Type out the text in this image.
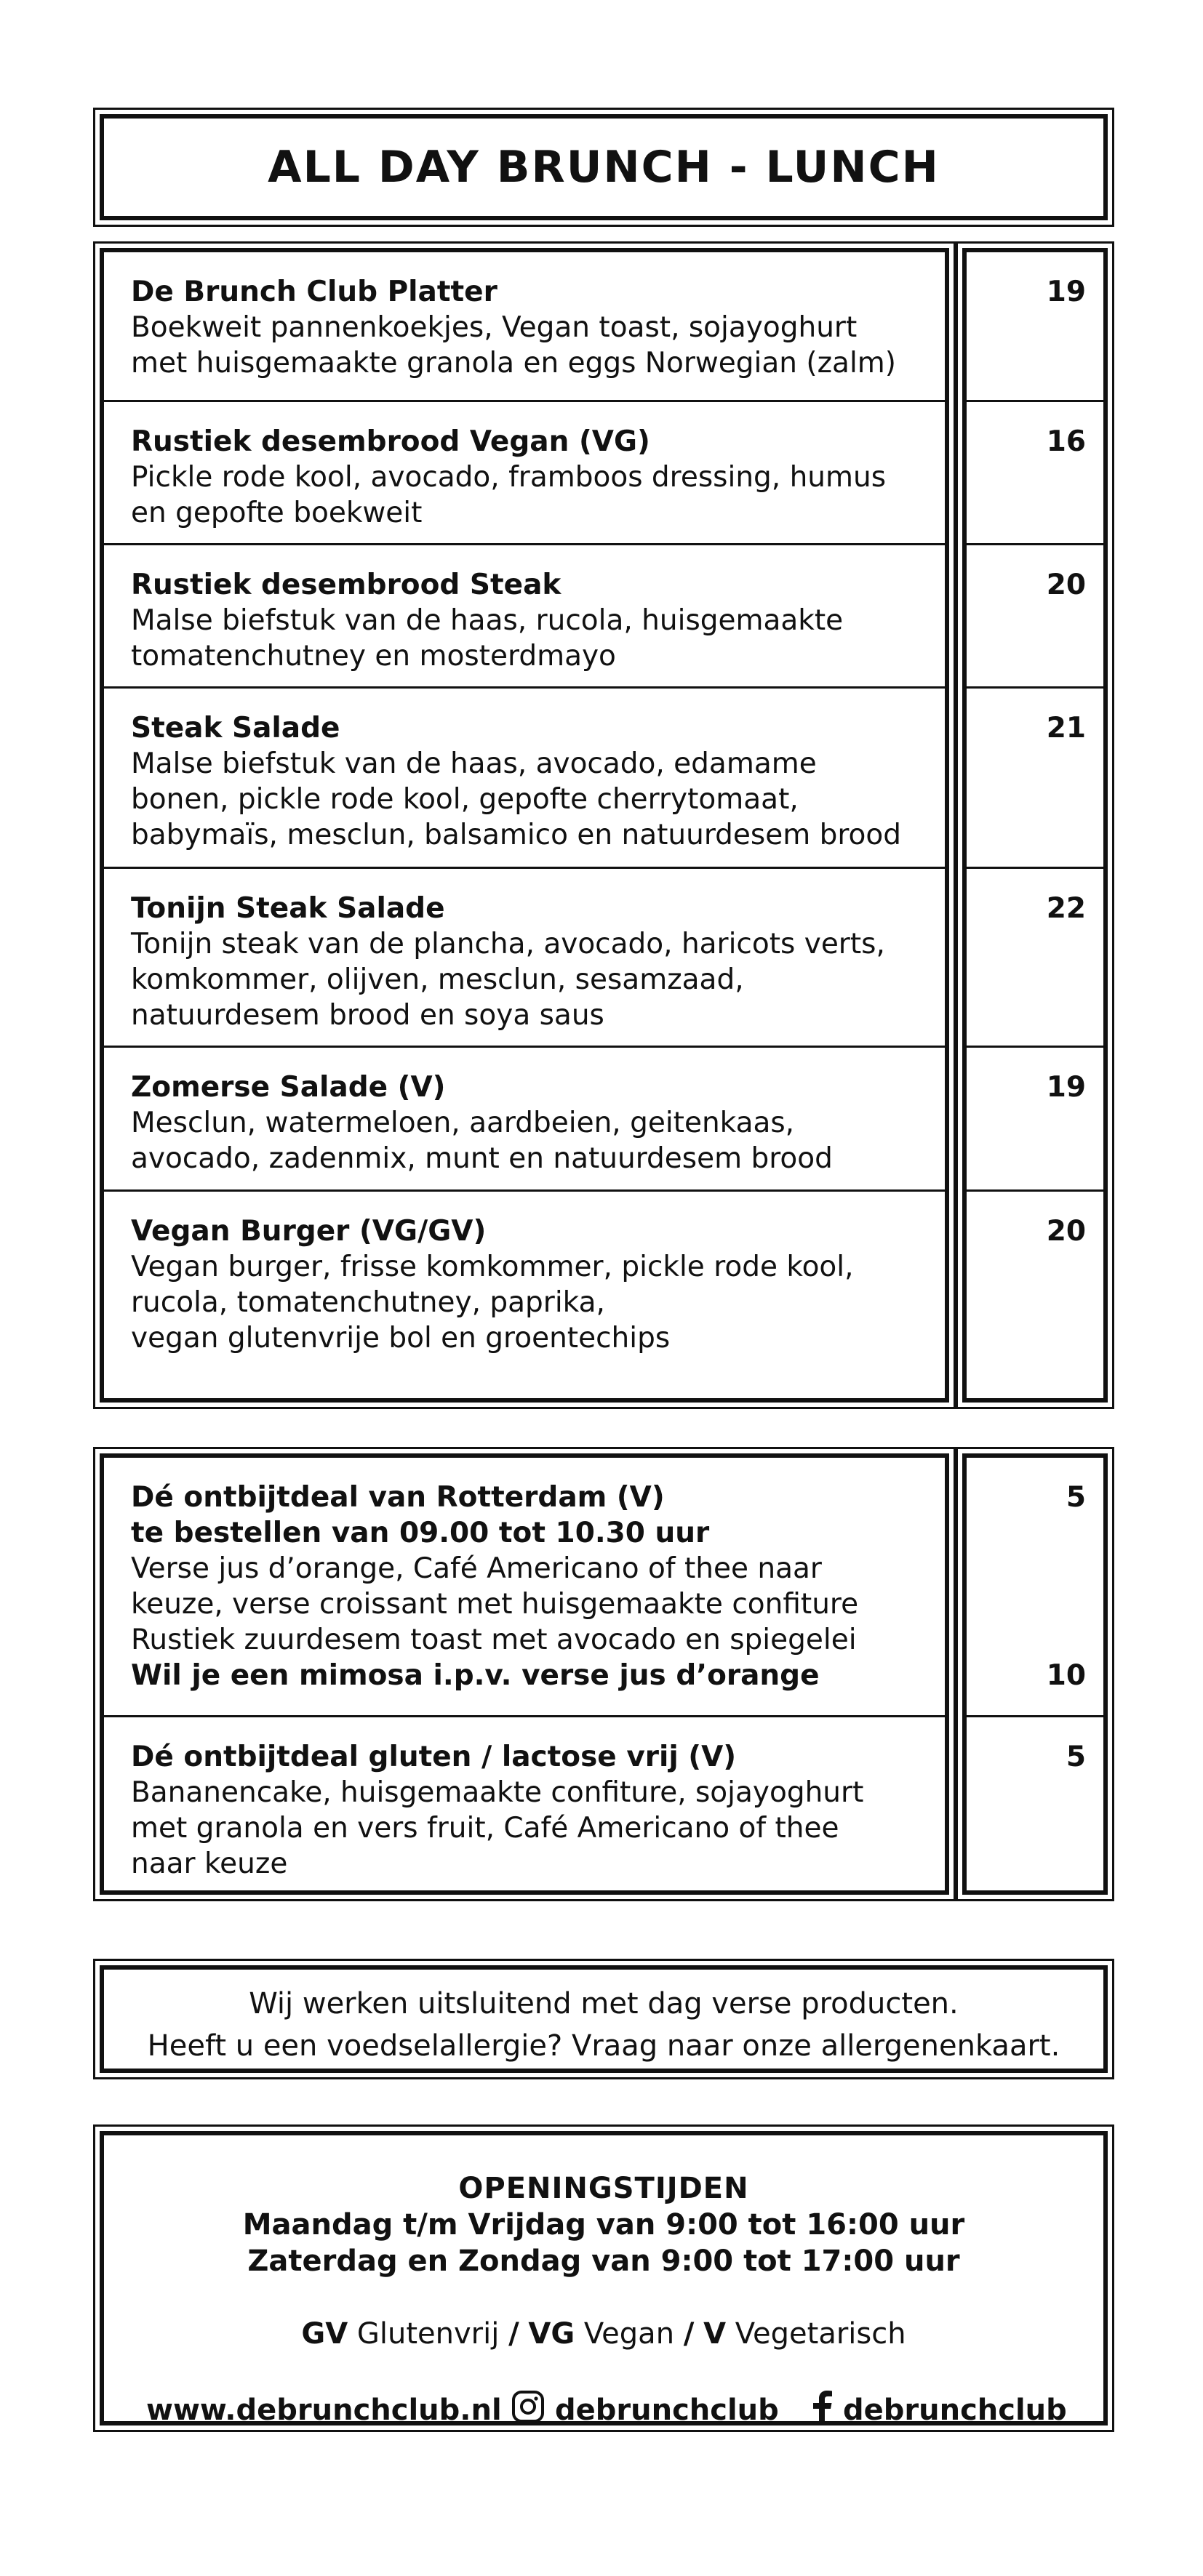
ALL DAY BRUNCH - LUNCH
De Brunch Club Platter
Boekweit pannenkoekjes, Vegan toast, sojayoghurt
met huisgemaakte granola en eggs Norwegian (zalm)
Rustiek desembrood Vegan (VG)
Pickle rode kool, avocado, framboos dressing, humus
en gepofte boekweit
Rustiek desembrood Steak
Malse biefstuk van de haas, rucola, huisgemaakte
tomatenchutney en mosterdmayo
Steak Salade
Malse biefstuk van de haas, avocado, edamame
bonen, pickle rode kool, gepofte cherrytomaat,
babymaïs, mesclun, balsamico en natuurdesem brood
Tonijn Steak Salade
Tonijn steak van de plancha, avocado, haricots verts,
komkommer, olijven, mesclun, sesamzaad,
natuurdesem brood en soya saus
Zomerse Salade (V)
Mesclun, watermeloen, aardbeien, geitenkaas,
avocado, zadenmix, munt en natuurdesem brood
Vegan Burger (VG/GV)
Vegan burger, frisse komkommer, pickle rode kool,
rucola, tomatenchutney, paprika,
vegan glutenvrije bol en groentechips
19
16
20
21
22
19
20
Dé ontbijtdeal van Rotterdam (V)
te bestellen van 09.00 tot 10.30 uur
Verse jus d’orange, Café Americano of thee naar
keuze, verse croissant met huisgemaakte confiture
Rustiek zuurdesem toast met avocado en spiegelei
Wil je een mimosa i.p.v. verse jus d’orange
Dé ontbijtdeal gluten / lactose vrij (V)
Bananencake, huisgemaakte confiture, sojayoghurt
met granola en vers fruit, Café Americano of thee
naar keuze
5
10
5
Wij werken uitsluitend met dag verse producten.
Heeft u een voedselallergie? Vraag naar onze allergenenkaart.
OPENINGSTIJDEN
Maandag t/m Vrijdag van 9:00 tot 16:00 uur
Zaterdag en Zondag van 9:00 tot 17:00 uur
GV Glutenvrij / VG Vegan / V Vegetarisch
www.debrunchclub.nl debrunchclub debrunchclub
